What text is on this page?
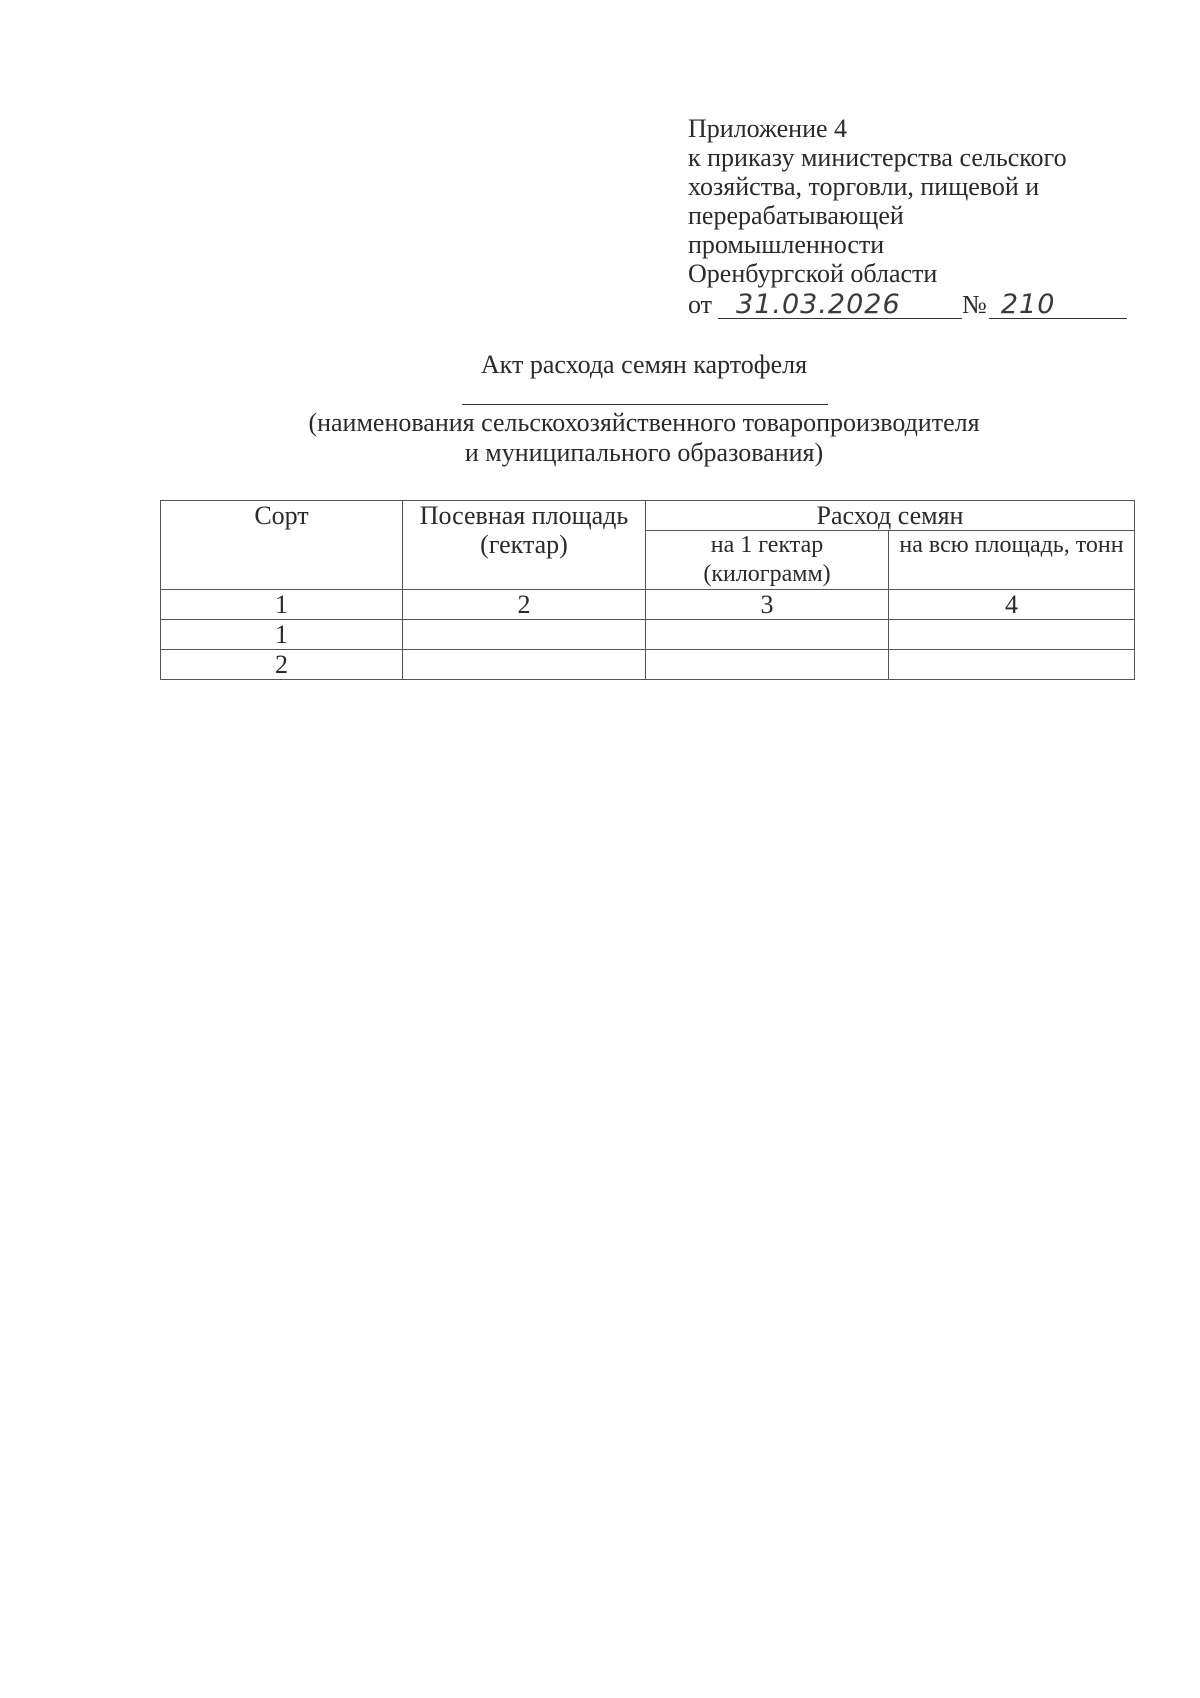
Приложение 4
к приказу министерства сельского
хозяйства, торговли, пищевой и
перерабатывающей
промышленности
Оренбургской области
от 31.03.2026 № 210
Акт расхода семян картофеля
(наименования сельскохозяйственного товаропроизводителя
и муниципального образования)
Сорт	Посевная площадь (гектар)	Расход семян	
		на 1 гектар (килограмм)	на всю площадь, тонн
1	2	3	4
1			
2			
